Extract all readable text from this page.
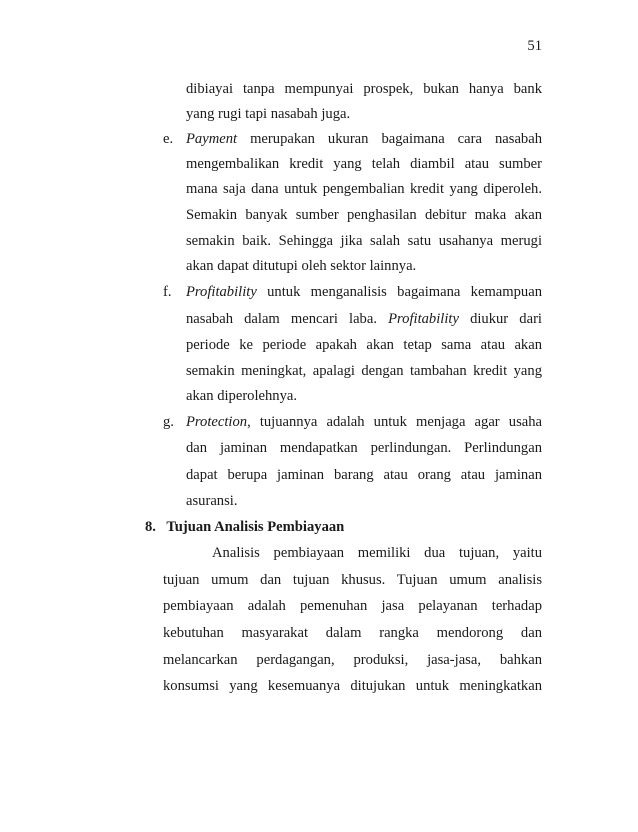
51
dibiayai tanpa mempunyai prospek, bukan hanya bank
yang rugi tapi nasabah juga.
e. Payment merupakan ukuran bagaimana cara nasabah
mengembalikan kredit yang telah diambil atau sumber
mana saja dana untuk pengembalian kredit yang diperoleh.
Semakin banyak sumber penghasilan debitur maka akan
semakin baik. Sehingga jika salah satu usahanya merugi
akan dapat ditutupi oleh sektor lainnya.
f. Profitability untuk menganalisis bagaimana kemampuan
nasabah dalam mencari laba. Profitability diukur dari
periode ke periode apakah akan tetap sama atau akan
semakin meningkat, apalagi dengan tambahan kredit yang
akan diperolehnya.
g. Protection, tujuannya adalah untuk menjaga agar usaha
dan jaminan mendapatkan perlindungan. Perlindungan
dapat berupa jaminan barang atau orang atau jaminan
asuransi.
8. Tujuan Analisis Pembiayaan
Analisis pembiayaan memiliki dua tujuan, yaitu
tujuan umum dan tujuan khusus. Tujuan umum analisis
pembiayaan adalah pemenuhan jasa pelayanan terhadap
kebutuhan masyarakat dalam rangka mendorong dan
melancarkan perdagangan, produksi, jasa-jasa, bahkan
konsumsi yang kesemuanya ditujukan untuk meningkatkan
